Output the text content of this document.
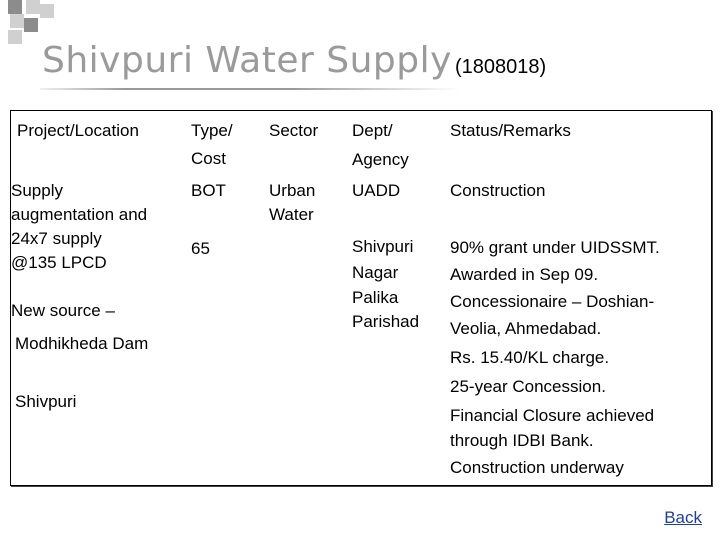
Shivpuri Water Supply (1808018)
Project/Location	Type/
Cost
Sector Dept/
Agency
Status/Remarks
Supply
augmentation and
24x7 supply
@135 LPCD
New source –
Modhikheda Dam
Shivpuri
BOT
65
Urban
Water
UADD
Shivpuri
Nagar
Palika
Parishad
Construction
90% grant under UIDSSMT.
Awarded in Sep 09.
Concessionaire – Doshian-
Veolia, Ahmedabad.
Rs. 15.40/KL charge.
25-year Concession.
Financial Closure achieved
through IDBI Bank.
Construction underway
Back
